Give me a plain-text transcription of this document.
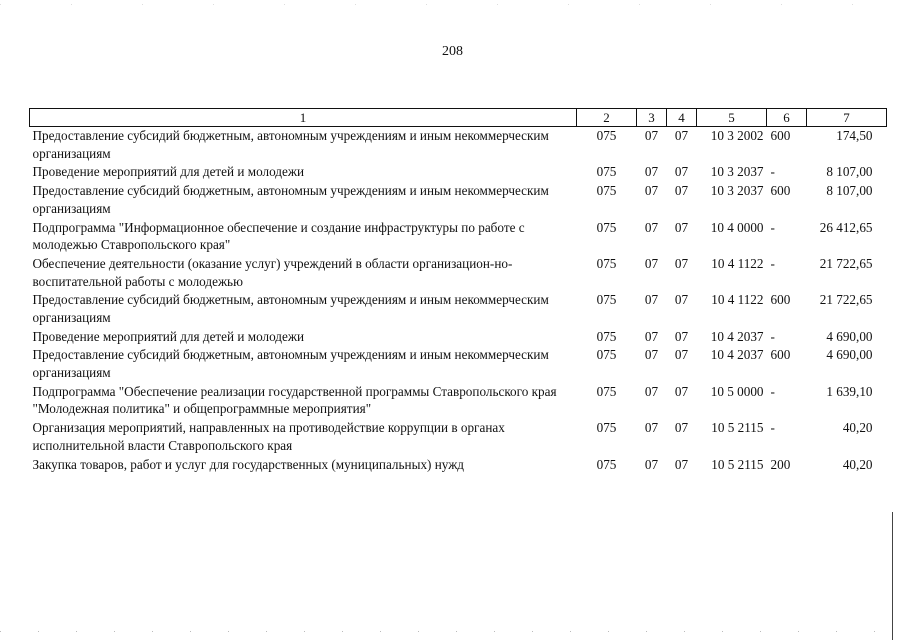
208
1	2	3	4	5	6	7
Предоставление субсидий бюджетным, автономным учреждениям и иным некоммерческим организациям	075	07	07	10 3 2002	600	174,50
Проведение мероприятий для детей и молодежи	075	07	07	10 3 2037	-	8 107,00
Предоставление субсидий бюджетным, автономным учреждениям и иным некоммерческим организациям	075	07	07	10 3 2037	600	8 107,00
Подпрограмма "Информационное обеспечение и создание инфраструктуры по работе с молодежью Ставропольского края"	075	07	07	10 4 0000	-	26 412,65
Обеспечение деятельности (оказание услуг) учреждений в области организацион-но-воспитательной работы с молодежью	075	07	07	10 4 1122	-	21 722,65
Предоставление субсидий бюджетным, автономным учреждениям и иным некоммерческим организациям	075	07	07	10 4 1122	600	21 722,65
Проведение мероприятий для детей и молодежи	075	07	07	10 4 2037	-	4 690,00
Предоставление субсидий бюджетным, автономным учреждениям и иным некоммерческим организациям	075	07	07	10 4 2037	600	4 690,00
Подпрограмма "Обеспечение реализации государственной программы Ставропольского края "Молодежная политика" и общепрограммные мероприятия"	075	07	07	10 5 0000	-	1 639,10
Организация мероприятий, направленных на противодействие коррупции в органах исполнительной власти Ставропольского края	075	07	07	10 5 2115	-	40,20
Закупка товаров, работ и услуг для государственных (муниципальных) нужд	075	07	07	10 5 2115	200	40,20
